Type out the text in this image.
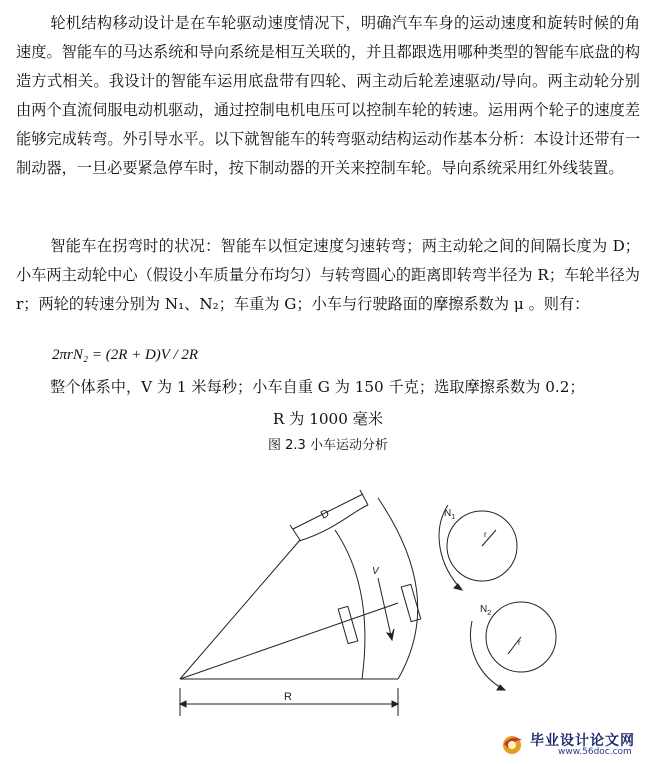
轮机结构移动设计是在车轮驱动速度情况下，明确汽车车身的运动速度和旋转时候的角速度。智能车的马达系统和导向系统是相互关联的，并且都跟选用哪种类型的智能车底盘的构造方式相关。我设计的智能车运用底盘带有四轮、两主动后轮差速驱动/导向。两主动轮分别由两个直流伺服电动机驱动，通过控制电机电压可以控制车轮的转速。运用两个轮子的速度差能够完成转弯。外引导水平。以下就智能车的转弯驱动结构运动作基本分析：本设计还带有一制动器，一旦必要紧急停车时，按下制动器的开关来控制车轮。导向系统采用红外线装置。

智能车在拐弯时的状况：智能车以恒定速度匀速转弯；两主动轮之间的间隔长度为 D；小车两主动轮中心（假设小车质量分布均匀）与转弯圆心的距离即转弯半径为 R；车轮半径为 r；两轮的转速分别为 N₁、N₂；车重为 G；小车与行驶路面的摩擦系数为 μ 。则有：

2πrN₂ = (2R + D)V / 2R

整个体系中，V 为 1 米每秒；小车自重 G 为 150 千克；选取摩擦系数为 0.2；

R 为 1000 毫米

图 2.3 小车运动分析
D
V
R
$N_1$
$N_2$
r
r
毕业设计论文网
www.56doc.com
